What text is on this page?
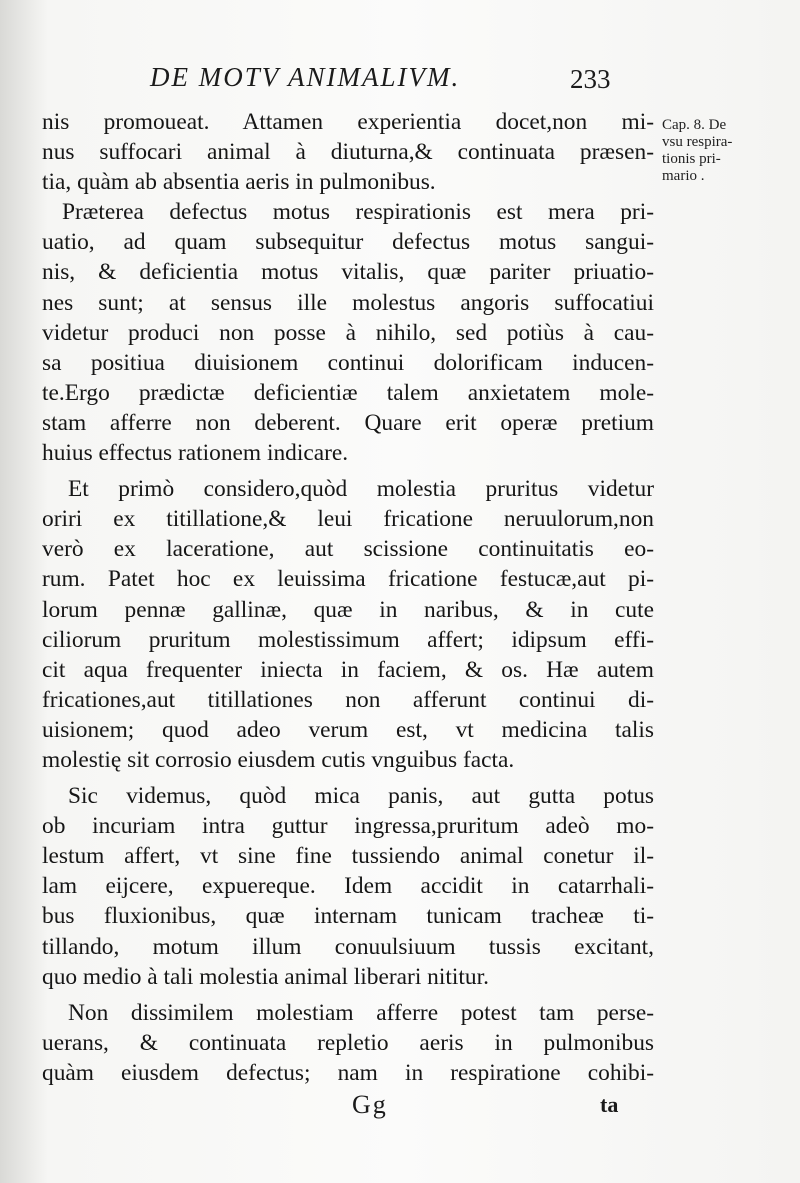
DE MOTV ANIMALIVM.	233
Cap. 8. De
vsu respira-
tionis pri-
mario .
nis promoueat. Attamen experientia docet,non mi-
nus suffocari animal à diuturna,& continuata præsen-
tia, quàm ab absentia aeris in pulmonibus.
Præterea defectus motus respirationis est mera pri-
uatio, ad quam subsequitur defectus motus sangui-
nis, & deficientia motus vitalis, quæ pariter priuatio-
nes sunt; at sensus ille molestus angoris suffocatiui
videtur produci non posse à nihilo, sed potiùs à cau-
sa positiua diuisionem continui dolorificam inducen-
te.Ergo prædictæ deficientiæ talem anxietatem mole-
stam afferre non deberent. Quare erit operæ pretium
huius effectus rationem indicare.
Et primò considero,quòd molestia pruritus videtur
oriri ex titillatione,& leui fricatione neruulorum,non
verò ex laceratione, aut scissione continuitatis eo-
rum. Patet hoc ex leuissima fricatione festucæ,aut pi-
lorum pennæ gallinæ, quæ in naribus, & in cute
ciliorum pruritum molestissimum affert; idipsum effi-
cit aqua frequenter iniecta in faciem, & os. Hæ autem
fricationes,aut titillationes non afferunt continui di-
uisionem; quod adeo verum est, vt medicina talis
molestię sit corrosio eiusdem cutis vnguibus facta.
Sic videmus, quòd mica panis, aut gutta potus
ob incuriam intra guttur ingressa,pruritum adeò mo-
lestum affert, vt sine fine tussiendo animal conetur il-
lam eijcere, expuereque. Idem accidit in catarrhali-
bus fluxionibus, quæ internam tunicam tracheæ ti-
tillando, motum illum conuulsiuum tussis excitant,
quo medio à tali molestia animal liberari nititur.
Non dissimilem molestiam afferre potest tam perse-
uerans, & continuata repletio aeris in pulmonibus
quàm eiusdem defectus; nam in respiratione cohibi-
Gg	ta
